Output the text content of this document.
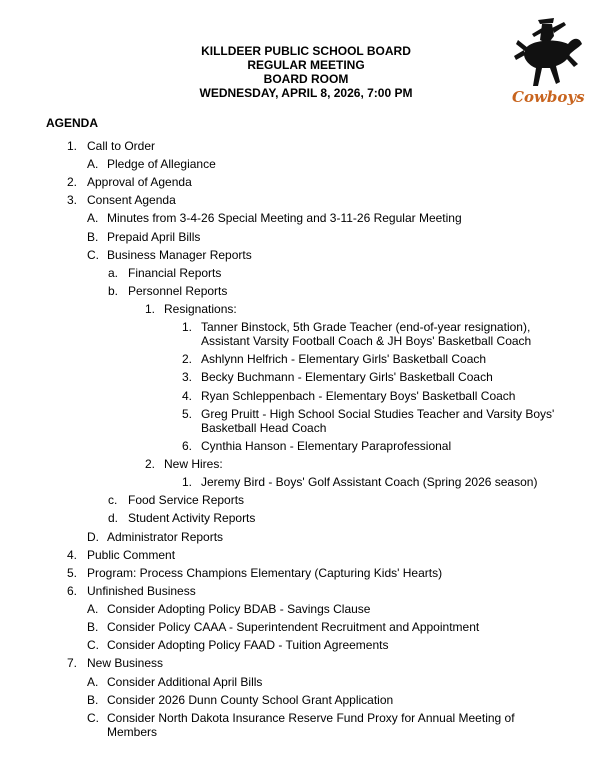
KILLDEER PUBLIC SCHOOL BOARD
REGULAR MEETING
BOARD ROOM
WEDNESDAY, APRIL 8, 2026, 7:00 PM	Cowboys
AGENDA
1. Call to Order
A. Pledge of Allegiance
2. Approval of Agenda
3. Consent Agenda
A. Minutes from 3-4-26 Special Meeting and 3-11-26 Regular Meeting
B. Prepaid April Bills
C. Business Manager Reports
a. Financial Reports
b. Personnel Reports
1. Resignations:
1. Tanner Binstock, 5th Grade Teacher (end-of-year resignation),
Assistant Varsity Football Coach & JH Boys' Basketball Coach
2. Ashlynn Helfrich - Elementary Girls' Basketball Coach
3. Becky Buchmann - Elementary Girls' Basketball Coach
4. Ryan Schleppenbach - Elementary Boys' Basketball Coach
5. Greg Pruitt - High School Social Studies Teacher and Varsity Boys'
Basketball Head Coach
6. Cynthia Hanson - Elementary Paraprofessional
2. New Hires:
1. Jeremy Bird - Boys' Golf Assistant Coach (Spring 2026 season)
c. Food Service Reports
d. Student Activity Reports
D. Administrator Reports
4. Public Comment
5. Program: Process Champions Elementary (Capturing Kids' Hearts)
6. Unfinished Business
A. Consider Adopting Policy BDAB - Savings Clause
B. Consider Policy CAAA - Superintendent Recruitment and Appointment
C. Consider Adopting Policy FAAD - Tuition Agreements
7. New Business
A. Consider Additional April Bills
B. Consider 2026 Dunn County School Grant Application
C. Consider North Dakota Insurance Reserve Fund Proxy for Annual Meeting of
Members
